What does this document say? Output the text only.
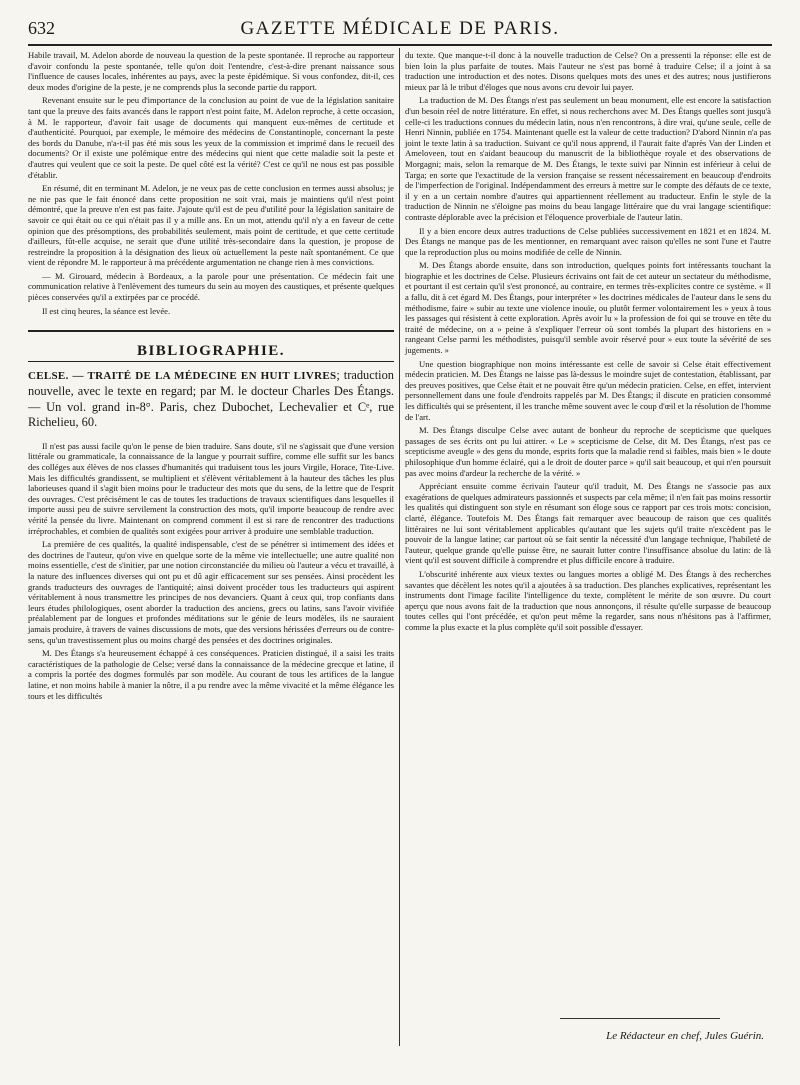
632	GAZETTE MÉDICALE DE PARIS.

Habile travail, M. Adelon aborde de nouveau la question de la peste spontanée. Il reproche au rapporteur d'avoir confondu la peste spontanée, telle qu'on doit l'entendre, c'est-à-dire prenant naissance sous l'influence de causes locales, inhérentes au pays, avec la peste épidémique. Si vous confondez, dit-il, ces deux modes d'origine de la peste, je ne comprends plus la seconde partie du rapport.

Revenant ensuite sur le peu d'importance de la conclusion au point de vue de la législation sanitaire tant que la preuve des faits avancés dans le rapport n'est point faite, M. Adelon reproche, à cette occasion, à M. le rapporteur, d'avoir fait usage de documents qui manquent eux-mêmes de certitude et d'authenticité. Pourquoi, par exemple, le mémoire des médecins de Constantinople, concernant la peste des bords du Danube, n'a-t-il pas été mis sous les yeux de la commission et imprimé dans le recueil des documents? Or il existe une polémique entre des médecins qui nient que cette maladie soit la peste et d'autres qui veulent que ce soit la peste. De quel côté est la vérité? C'est ce qu'il ne nous est pas possible d'établir.

En résumé, dit en terminant M. Adelon, je ne veux pas de cette conclusion en termes aussi absolus; je ne nie pas que le fait énoncé dans cette proposition ne soit vrai, mais je maintiens qu'il n'est point démontré, que la preuve n'en est pas faite. J'ajoute qu'il est de peu d'utilité pour la législation sanitaire de savoir ce qui était ou ce qui n'était pas il y a mille ans. En un mot, attendu qu'il n'y a en faveur de cette opinion que des présomptions, des probabilités seulement, mais point de certitude, et que cette certitude d'ailleurs, fût-elle acquise, ne serait que d'une utilité très-secondaire dans la question, je propose de restreindre la proposition à la désignation des lieux où actuellement la peste naît spontanément. Ce que vient de répondre M. le rapporteur à ma précédente argumentation ne change rien à mes convictions.

— M. Girouard, médecin à Bordeaux, a la parole pour une présentation. Ce médecin fait une communication relative à l'enlèvement des tumeurs du sein au moyen des caustiques, et présente quelques pièces conservées qu'il a extirpées par ce procédé.

Il est cinq heures, la séance est levée.

BIBLIOGRAPHIE.

CELSE. — TRAITÉ DE LA MÉDECINE EN HUIT LIVRES; traduction nouvelle, avec le texte en regard; par M. le docteur Charles Des Étangs. — Un vol. grand in-8°. Paris, chez Dubochet, Lechevalier et Cᵉ, rue Richelieu, 60.

Il n'est pas aussi facile qu'on le pense de bien traduire. Sans doute, s'il ne s'agissait que d'une version littérale ou grammaticale, la connaissance de la langue y pourrait suffire, comme elle suffit sur les bancs des colléges aux élèves de nos classes d'humanités qui traduisent tous les jours Virgile, Horace, Tite-Live. Mais les difficultés grandissent, se multiplient et s'élèvent véritablement à la hauteur des tâches les plus laborieuses quand il s'agit bien moins pour le traducteur des mots que du sens, de la lettre que de l'esprit des ouvrages. C'est précisément le cas de toutes les traductions de travaux scientifiques dans lesquelles il importe aussi peu de suivre servilement la construction des mots, qu'il importe beaucoup de rendre avec vérité la pensée du livre. Maintenant on comprend comment il est si rare de rencontrer des traductions irréprochables, et combien de qualités sont exigées pour arriver à produire une semblable traduction.

La première de ces qualités, la qualité indispensable, c'est de se pénétrer si intimement des idées et des doctrines de l'auteur, qu'on vive en quelque sorte de la même vie intellectuelle; une autre qualité non moins essentielle, c'est de s'initier, par une notion circonstanciée du milieu où l'auteur a vécu et travaillé, à la nature des influences diverses qui ont pu et dû agir efficacement sur ses pensées. Ainsi procèdent les grands traducteurs des ouvrages de l'antiquité; ainsi doivent procéder tous les traducteurs qui aspirent véritablement à nous transmettre les principes de nos devanciers. Quant à ceux qui, trop confiants dans leurs études philologiques, osent aborder la traduction des anciens, grecs ou latins, sans l'avoir vivifiée préalablement par de longues et profondes méditations sur le génie de leurs modèles, ils ne sauraient jamais produire, à travers de vaines discussions de mots, que des versions hérissées d'erreurs ou de contre-sens, qu'un travestissement plus ou moins chargé des pensées et des doctrines originales.

M. Des Étangs s'a heureusement échappé à ces conséquences. Praticien distingué, il a saisi les traits caractéristiques de la pathologie de Celse; versé dans la connaissance de la médecine grecque et latine, il a compris la portée des dogmes formulés par son modèle. Au courant de tous les artifices de la langue latine, et non moins habile à manier la nôtre, il a pu rendre avec la même vivacité et la même élégance les tours et les difficultés

du texte. Que manque-t-il donc à la nouvelle traduction de Celse? On a pressenti la réponse: elle est de bien loin la plus parfaite de toutes. Mais l'auteur ne s'est pas borné à traduire Celse; il a joint à sa traduction une introduction et des notes. Disons quelques mots des unes et des autres; nous justifierons mieux par là le tribut d'éloges que nous avons cru devoir lui payer.

La traduction de M. Des Étangs n'est pas seulement un beau monument, elle est encore la satisfaction d'un besoin réel de notre littérature. En effet, si nous recherchons avec M. Des Étangs quelles sont jusqu'à celle-ci les traductions connues du médecin latin, nous n'en rencontrons, à dire vrai, qu'une seule, celle de Henri Ninnin, publiée en 1754. Maintenant quelle est la valeur de cette traduction? D'abord Ninnin n'a pas joint le texte latin à sa traduction. Suivant ce qu'il nous apprend, il l'aurait faite d'après Van der Linden et Ameloveen, tout en s'aidant beaucoup du manuscrit de la bibliothèque royale et des observations de Morgagni; mais, selon la remarque de M. Des Étangs, le texte suivi par Ninnin est inférieur à celui de Targa; en sorte que l'exactitude de la version française se ressent nécessairement en beaucoup d'endroits de l'imperfection de l'original. Indépendamment des erreurs à mettre sur le compte des défauts de ce texte, il y en a un certain nombre d'autres qui appartiennent réellement au traducteur. Enfin le style de la traduction de Ninnin ne s'éloigne pas moins du beau langage littéraire que du vrai langage scientifique: contraste déplorable avec la précision et l'éloquence proverbiale de l'auteur latin.

Il y a bien encore deux autres traductions de Celse publiées successivement en 1821 et en 1824. M. Des Étangs ne manque pas de les mentionner, en remarquant avec raison qu'elles ne sont l'une et l'autre que la reproduction plus ou moins modifiée de celle de Ninnin.

M. Des Étangs aborde ensuite, dans son introduction, quelques points fort intéressants touchant la biographie et les doctrines de Celse. Plusieurs écrivains ont fait de cet auteur un sectateur du méthodisme, et pourtant il est certain qu'il s'est prononcé, au contraire, en termes très-explicites contre ce système. « Il a fallu, dit à cet égard M. Des Étangs, pour interpréter » les doctrines médicales de l'auteur dans le sens du méthodisme, faire » subir au texte une violence inouïe, ou plutôt fermer volontairement les » yeux à tous les passages qui résistent à cette exploration. Après avoir lu » la profession de foi qui se trouve en tête du traité de médecine, on a » peine à s'expliquer l'erreur où sont tombés la plupart des historiens en » rangeant Celse parmi les méthodistes, puisqu'il semble avoir réservé pour » eux toute la sévérité de ses jugements. »

Une question biographique non moins intéressante est celle de savoir si Celse était effectivement médecin praticien. M. Des Étangs ne laisse pas là-dessus le moindre sujet de contestation, établissant, par des preuves positives, que Celse était et ne pouvait être qu'un médecin praticien. Celse, en effet, intervient personnellement dans une foule d'endroits rappelés par M. Des Étangs; il discute en praticien consommé les difficultés qui se présentent, il les tranche même souvent avec le coup d'œil et la résolution de l'homme de l'art.

M. Des Étangs disculpe Celse avec autant de bonheur du reproche de scepticisme que quelques passages de ses écrits ont pu lui attirer. « Le » scepticisme de Celse, dit M. Des Étangs, n'est pas ce scepticisme aveugle » des gens du monde, esprits forts que la maladie rend si faibles, mais bien » le doute philosophique d'un homme éclairé, qui a le droit de douter parce » qu'il sait beaucoup, et qui n'en poursuit pas avec moins d'ardeur la recherche de la vérité. »

Appréciant ensuite comme écrivain l'auteur qu'il traduit, M. Des Étangs ne s'associe pas aux exagérations de quelques admirateurs passionnés et suspects par cela même; il n'en fait pas moins ressortir les qualités qui distinguent son style en résumant son éloge sous ce rapport par ces trois mots: concision, clarté, élégance. Toutefois M. Des Étangs fait remarquer avec beaucoup de raison que ces qualités littéraires ne lui sont véritablement applicables qu'autant que les sujets qu'il traite n'excèdent pas le pouvoir de la langue latine; car partout où se fait sentir la nécessité d'un langage technique, l'habileté de l'auteur, quelque grande qu'elle puisse être, ne saurait lutter contre l'insuffisance absolue du latin: de là vient qu'il est souvent difficile à comprendre et plus difficile encore à traduire.

L'obscurité inhérente aux vieux textes ou langues mortes a obligé M. Des Étangs à des recherches savantes que décèlent les notes qu'il a ajoutées à sa traduction. Des planches explicatives, représentant les instruments dont l'image facilite l'intelligence du texte, complètent le mérite de son œuvre. Du court aperçu que nous avons fait de la traduction que nous annonçons, il résulte qu'elle surpasse de beaucoup toutes celles qui l'ont précédée, et qu'on peut même la regarder, sans nous n'hésitons pas à l'affirmer, comme la plus exacte et la plus complète qu'il soit possible d'essayer.

Le Rédacteur en chef, Jules Guérin.
